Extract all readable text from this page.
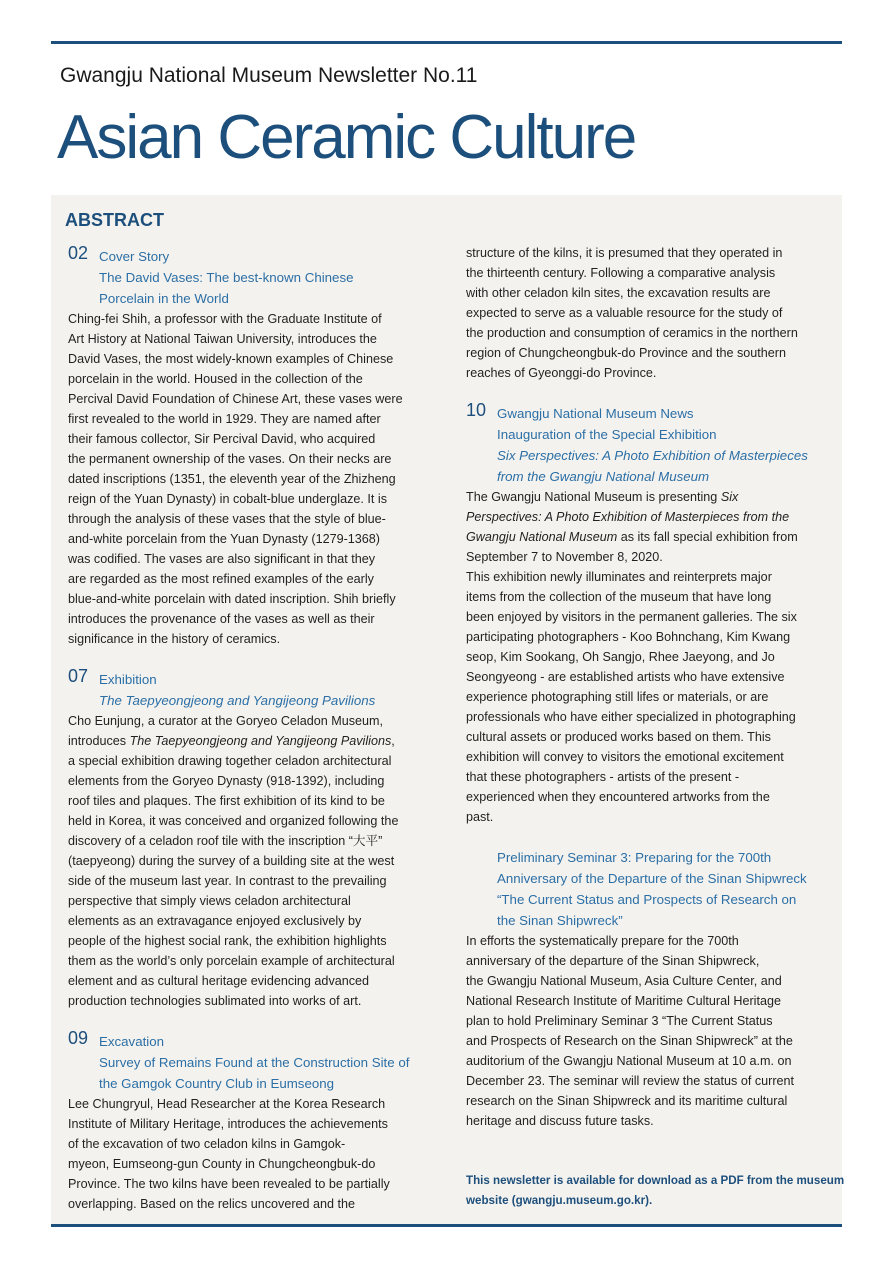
Gwangju National Museum Newsletter No.11
Asian Ceramic Culture
ABSTRACT
02 Cover Story
The David Vases: The best-known Chinese
Porcelain in the World
Ching-fei Shih, a professor with the Graduate Institute of
Art History at National Taiwan University, introduces the
David Vases, the most widely-known examples of Chinese
porcelain in the world. Housed in the collection of the
Percival David Foundation of Chinese Art, these vases were
first revealed to the world in 1929. They are named after
their famous collector, Sir Percival David, who acquired
the permanent ownership of the vases. On their necks are
dated inscriptions (1351, the eleventh year of the Zhizheng
reign of the Yuan Dynasty) in cobalt-blue underglaze. It is
through the analysis of these vases that the style of blue-
and-white porcelain from the Yuan Dynasty (1279-1368)
was codified. The vases are also significant in that they
are regarded as the most refined examples of the early
blue-and-white porcelain with dated inscription. Shih briefly
introduces the provenance of the vases as well as their
significance in the history of ceramics.
07 Exhibition
The Taepyeongjeong and Yangijeong Pavilions
Cho Eunjung, a curator at the Goryeo Celadon Museum,
introduces The Taepyeongjeong and Yangijeong Pavilions,
a special exhibition drawing together celadon architectural
elements from the Goryeo Dynasty (918-1392), including
roof tiles and plaques. The first exhibition of its kind to be
held in Korea, it was conceived and organized following the
discovery of a celadon roof tile with the inscription “大平”
(taepyeong) during the survey of a building site at the west
side of the museum last year. In contrast to the prevailing
perspective that simply views celadon architectural
elements as an extravagance enjoyed exclusively by
people of the highest social rank, the exhibition highlights
them as the world’s only porcelain example of architectural
element and as cultural heritage evidencing advanced
production technologies sublimated into works of art.
09 Excavation
Survey of Remains Found at the Construction Site of
the Gamgok Country Club in Eumseong
Lee Chungryul, Head Researcher at the Korea Research
Institute of Military Heritage, introduces the achievements
of the excavation of two celadon kilns in Gamgok-
myeon, Eumseong-gun County in Chungcheongbuk-do
Province. The two kilns have been revealed to be partially
overlapping. Based on the relics uncovered and the
structure of the kilns, it is presumed that they operated in
the thirteenth century. Following a comparative analysis
with other celadon kiln sites, the excavation results are
expected to serve as a valuable resource for the study of
the production and consumption of ceramics in the northern
region of Chungcheongbuk-do Province and the southern
reaches of Gyeonggi-do Province.
10 Gwangju National Museum News
Inauguration of the Special Exhibition
Six Perspectives: A Photo Exhibition of Masterpieces
from the Gwangju National Museum
The Gwangju National Museum is presenting Six
Perspectives: A Photo Exhibition of Masterpieces from the
Gwangju National Museum as its fall special exhibition from
September 7 to November 8, 2020.
This exhibition newly illuminates and reinterprets major
items from the collection of the museum that have long
been enjoyed by visitors in the permanent galleries. The six
participating photographers - Koo Bohnchang, Kim Kwang
seop, Kim Sookang, Oh Sangjo, Rhee Jaeyong, and Jo
Seongyeong - are established artists who have extensive
experience photographing still lifes or materials, or are
professionals who have either specialized in photographing
cultural assets or produced works based on them. This
exhibition will convey to visitors the emotional excitement
that these photographers - artists of the present -
experienced when they encountered artworks from the
past.
Preliminary Seminar 3: Preparing for the 700th
Anniversary of the Departure of the Sinan Shipwreck
“The Current Status and Prospects of Research on
the Sinan Shipwreck”
In efforts the systematically prepare for the 700th
anniversary of the departure of the Sinan Shipwreck,
the Gwangju National Museum, Asia Culture Center, and
National Research Institute of Maritime Cultural Heritage
plan to hold Preliminary Seminar 3 “The Current Status
and Prospects of Research on the Sinan Shipwreck” at the
auditorium of the Gwangju National Museum at 10 a.m. on
December 23. The seminar will review the status of current
research on the Sinan Shipwreck and its maritime cultural
heritage and discuss future tasks.
This newsletter is available for download as a PDF from the museum
website (gwangju.museum.go.kr).
